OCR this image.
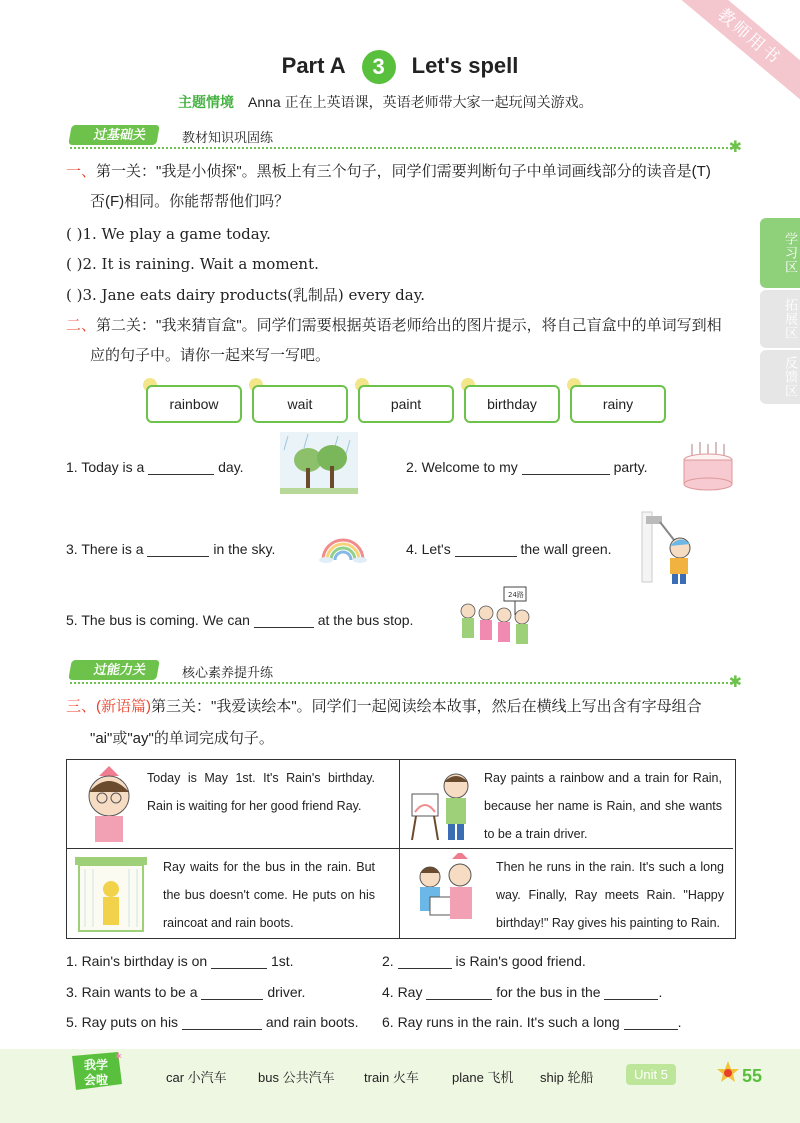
教师用书
Part A 3 Let's spell
主题情境 Anna 正在上英语课，英语老师带大家一起玩闯关游戏。
过基础关	教材知识巩固练
✱
一、第一关："我是小侦探"。黑板上有三个句子，同学们需要判断句子中单词画线部分的读音是(T)
否(F)相同。你能帮帮他们吗？
( )1. We play a game today.
( )2. It is raining. Wait a moment.
( )3. Jane eats dairy products(乳制品) every day.
二、第二关："我来猜盲盒"。同学们需要根据英语老师给出的图片提示，将自己盲盒中的单词写到相
应的句子中。请你一起来写一写吧。
rainbow	wait	paint	birthday	rainy
1. Today is a	day.	2. Welcome to my	party.
3. There is a	in the sky.	4. Let's	the wall green.
5. The bus is coming. We can	at the bus stop.
24路
过能力关	核心素养提升练
✱
三、(新语篇)第三关："我爱读绘本"。同学们一起阅读绘本故事，然后在横线上写出含有字母组合
"ai"或"ay"的单词完成句子。

Today is May 1st. It's Rain's birthday. Rain is waiting for her good friend Ray.

Ray paints a rainbow and a train for Rain, because her name is Rain, and she wants to be a train driver.

Ray waits for the bus in the rain. But the bus doesn't come. He puts on his raincoat and rain boots.

Then he runs in the rain. It's such a long way. Finally, Ray meets Rain. "Happy birthday!" Ray gives his painting to Rain.

1. Rain's birthday is on	1st.	2.	is Rain's good friend.
3. Rain wants to be a	driver.	4. Ray	for the bus in the	.
5. Ray puts on his	and rain boots. 6. Ray runs in the rain. It's such a long	.
学习区
拓展区
反馈区
我学
会啦
✶
car 小汽车 bus 公共汽车 train 火车	plane 飞机 ship 轮船	Unit 5	55
